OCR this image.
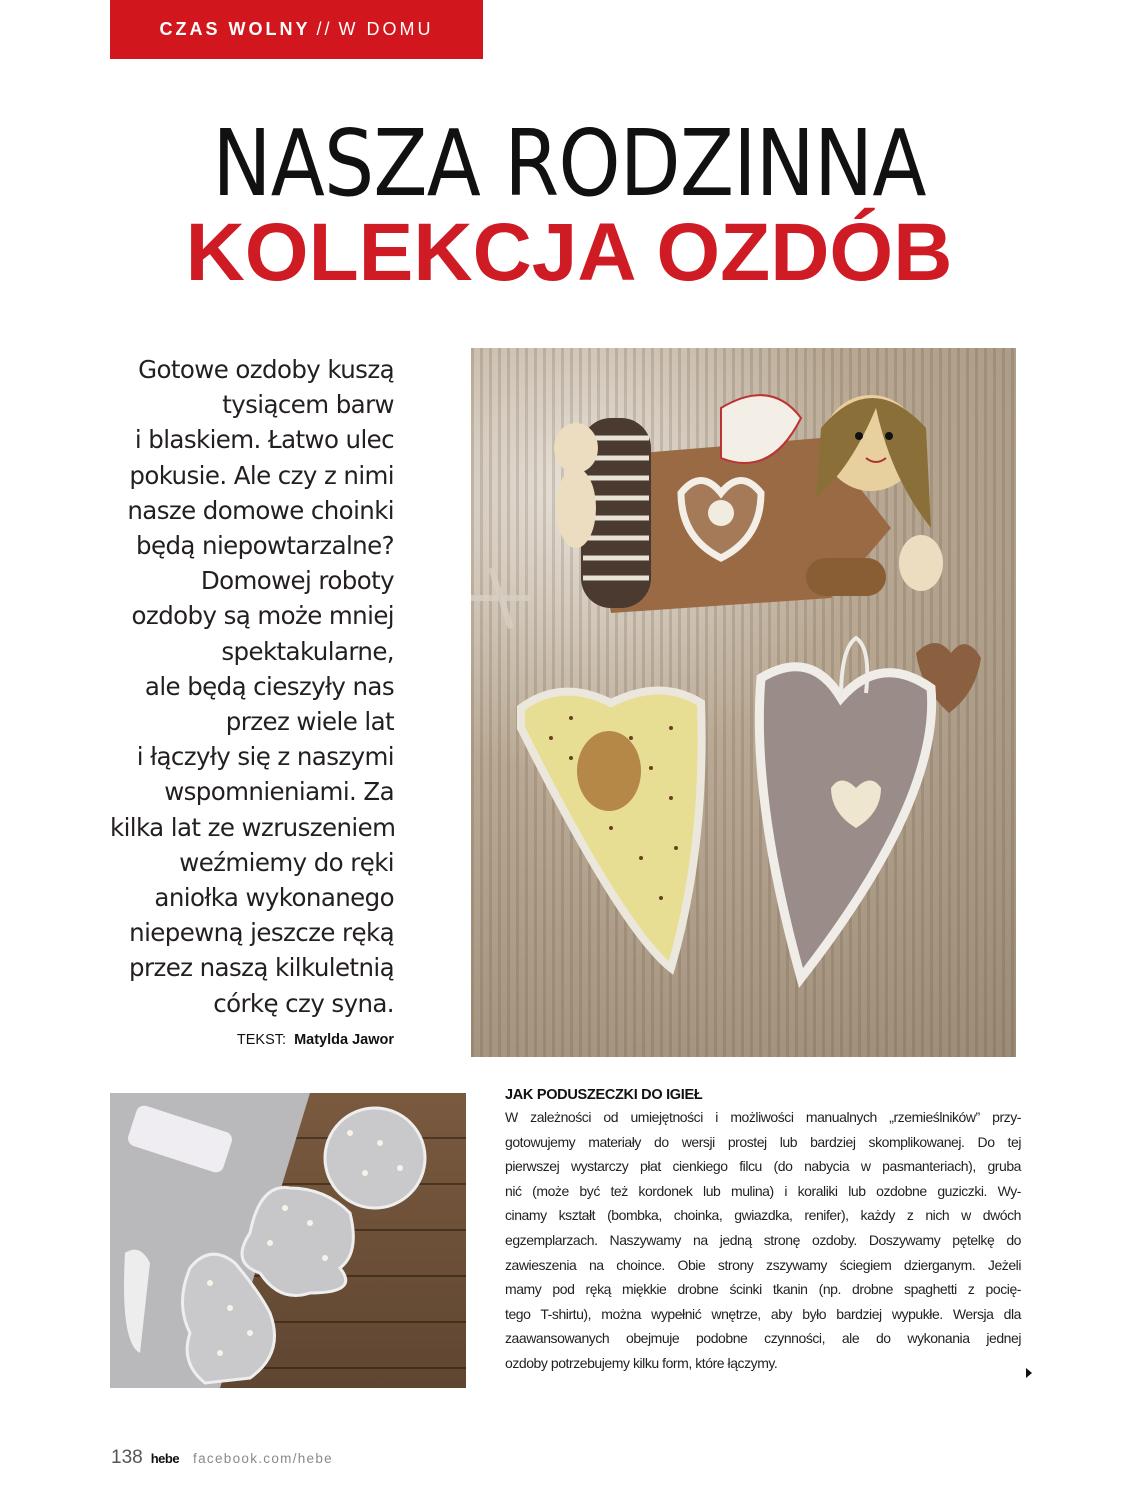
CZAS WOLNY // W DOMU
NASZA RODZINNA
KOLEKCJA OZDÓB
Gotowe ozdoby kuszą
tysiącem barw
i blaskiem. Łatwo ulec
pokusie. Ale czy z nimi
nasze domowe choinki
będą niepowtarzalne?
Domowej roboty
ozdoby są może mniej
spektakularne,
ale będą cieszyły nas
przez wiele lat
i łączyły się z naszymi
wspomnieniami. Za
kilka lat ze wzruszeniem
weźmiemy do ręki
aniołka wykonanego
niepewną jeszcze ręką
przez naszą kilkuletnią
córkę czy syna.
TEKST: Matylda Jawor
JAK PODUSZECZKI DO IGIEŁ
W zależności od umiejętności i możliwości manualnych „rzemieślników” przy-
gotowujemy materiały do wersji prostej lub bardziej skomplikowanej. Do tej
pierwszej wystarczy płat cienkiego filcu (do nabycia w pasmanteriach), gruba
nić (może być też kordonek lub mulina) i koraliki lub ozdobne guziczki. Wy-
cinamy kształt (bombka, choinka, gwiazdka, renifer), każdy z nich w dwóch
egzemplarzach. Naszywamy na jedną stronę ozdoby. Doszywamy pętelkę do
zawieszenia na choince. Obie strony zszywamy ściegiem dzierganym. Jeżeli
mamy pod ręką miękkie drobne ścinki tkanin (np. drobne spaghetti z pocię-
tego T-shirtu), można wypełnić wnętrze, aby było bardziej wypukłe. Wersja dla
zaawansowanych obejmuje podobne czynności, ale do wykonania jednej
ozdoby potrzebujemy kilku form, które łączymy.
138 hebe facebook.com/hebe
